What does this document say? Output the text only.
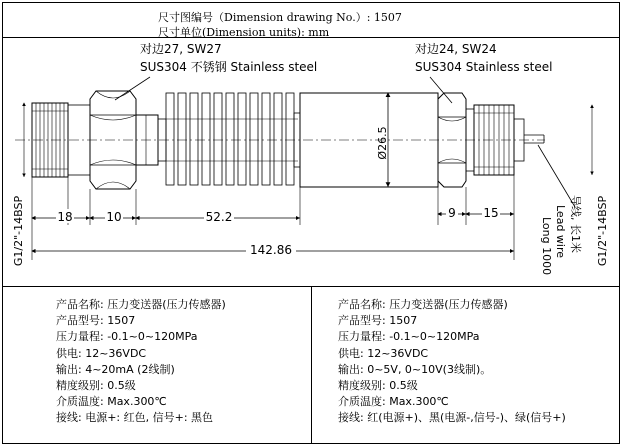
尺寸图编号（Dimension drawing No.）: 1507
尺寸单位(Dimension units): mm
对边27, SW27
SUS304 不锈钢 Stainless steel
对边24, SW24
SUS304 Stainless steel
Ø26.5
G1/2"-14BSP	G1/2"-14BSP
导线, 长1米
Lead wire
Long 1000
18	10	52.2	9 15
142.86
产品名称: 压力变送器(压力传感器)
产品型号: 1507
压力量程: -0.1~0~120MPa
供电: 12~36VDC
输出: 4~20mA (2线制)
精度级别: 0.5级
介质温度: Max.300℃
接线: 电源+: 红色, 信号+: 黑色
产品名称: 压力变送器(压力传感器)
产品型号: 1507
压力量程: -0.1~0~120MPa
供电: 12~36VDC
输出: 0~5V, 0~10V(3线制)。
精度级别: 0.5级
介质温度: Max.300℃
接线: 红(电源+)、黑(电源-,信号-)、绿(信号+)
